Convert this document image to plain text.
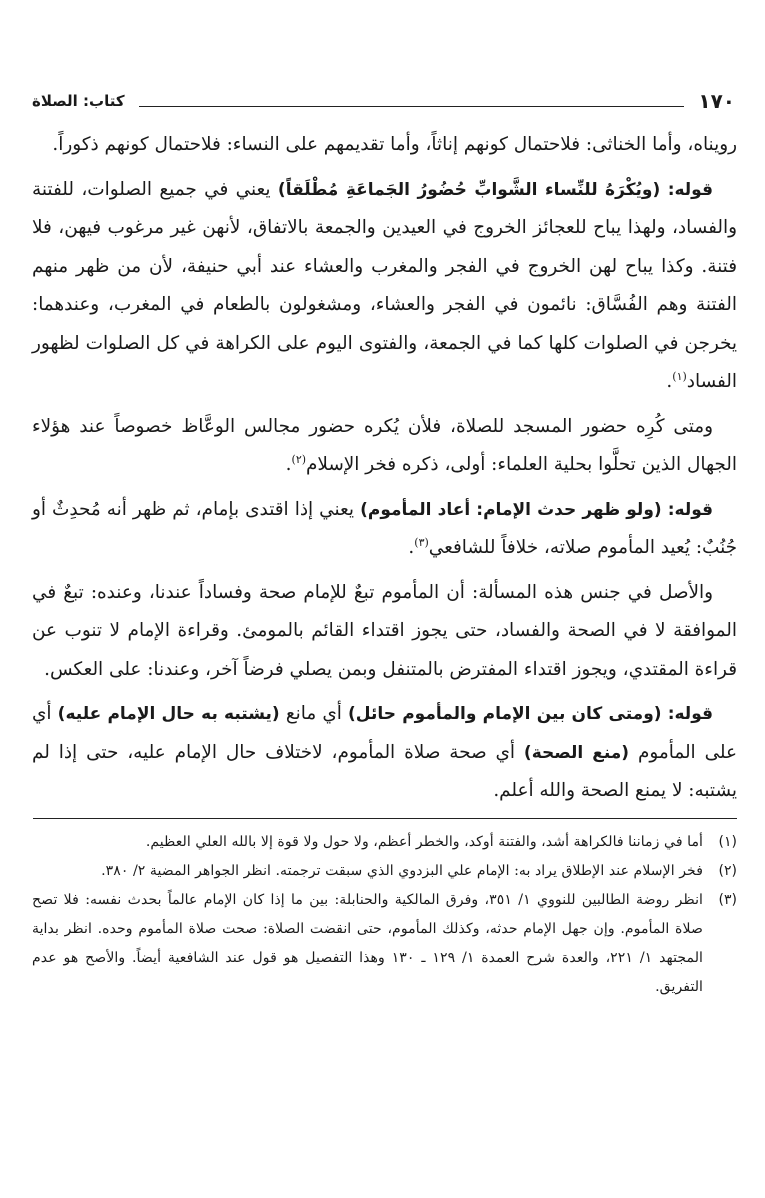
١٧٠
كتاب: الصلاة

رويناه، وأما الخناثى: فلاحتمال كونهم إناثاً، وأما تقديمهم على النساء: فلاحتمال كونهم ذكوراً.

قوله: (ويُكْرَهُ للنِّساء الشَّوابِّ حُضُورُ الجَماعَةِ مُطْلَقاً) يعني في جميع الصلوات، للفتنة والفساد، ولهذا يباح للعجائز الخروج في العيدين والجمعة بالاتفاق، لأنهن غير مرغوب فيهن، فلا فتنة. وكذا يباح لهن الخروج في الفجر والمغرب والعشاء عند أبي حنيفة، لأن من ظهر منهم الفتنة وهم الفُسَّاق: نائمون في الفجر والعشاء، ومشغولون بالطعام في المغرب، وعندهما: يخرجن في الصلوات كلها كما في الجمعة، والفتوى اليوم على الكراهة في كل الصلوات لظهور الفساد$^{(١)}$.

ومتى كُرِه حضور المسجد للصلاة، فلأن يُكره حضور مجالس الوعَّاظ خصوصاً عند هؤلاء الجهال الذين تحلَّوا بحلية العلماء: أولى، ذكره فخر الإسلام$^{(٢)}$.

قوله: (ولو ظهر حدث الإمام: أعاد المأموم) يعني إذا اقتدى بإمام، ثم ظهر أنه مُحدِثٌ أو جُنُبٌ: يُعيد المأموم صلاته، خلافاً للشافعي$^{(٣)}$.

والأصل في جنس هذه المسألة: أن المأموم تبعٌ للإمام صحة وفساداً عندنا، وعنده: تبعٌ في الموافقة لا في الصحة والفساد، حتى يجوز اقتداء القائم بالمومئ. وقراءة الإمام لا تنوب عن قراءة المقتدي، ويجوز اقتداء المفترض بالمتنفل وبمن يصلي فرضاً آخر، وعندنا: على العكس.

قوله: (ومتى كان بين الإمام والمأموم حائل) أي مانع (يشتبه به حال الإمام عليه) أي على المأموم (منع الصحة) أي صحة صلاة المأموم، لاختلاف حال الإمام عليه، حتى إذا لم يشتبه: لا يمنع الصحة والله أعلم.

(١)
أما في زماننا فالكراهة أشد، والفتنة أوكد، والخطر أعظم، ولا حول ولا قوة إلا بالله العلي العظيم.
(٢)
فخر الإسلام عند الإطلاق يراد به: الإمام علي البزدوي الذي سبقت ترجمته. انظر الجواهر المضية ٢/ ٣٨٠.
(٣)
انظر روضة الطالبين للنووي ١/ ٣٥١، وفرق المالكية والحنابلة: بين ما إذا كان الإمام عالماً بحدث نفسه: فلا تصح صلاة المأموم. وإن جهل الإمام حدثه، وكذلك المأموم، حتى انقضت الصلاة: صحت صلاة المأموم وحده. انظر بداية المجتهد ١/ ٢٢١، والعدة شرح العمدة ١/ ١٢٩ ـ ١٣٠ وهذا التفصيل هو قول عند الشافعية أيضاً. والأصح هو عدم التفريق.
